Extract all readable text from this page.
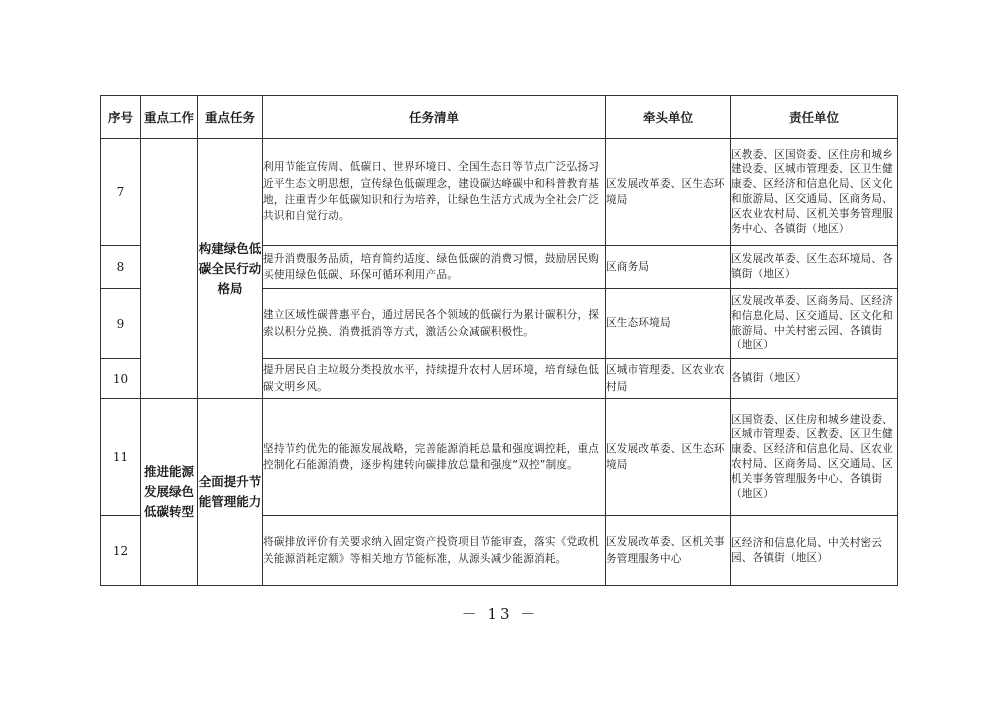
序号	重点工作	重点任务	任务清单	牵头单位	责任单位
7		构建绿色低碳全民行动格局	利用节能宣传周、低碳日、世界环境日、全国生态日等节点广泛弘扬习近平生态文明思想，宣传绿色低碳理念，建设碳达峰碳中和科普教育基地，注重青少年低碳知识和行为培养，让绿色生活方式成为全社会广泛共识和自觉行动。	区发展改革委、区生态环境局	区教委、区国资委、区住房和城乡建设委、区城市管理委、区卫生健康委、区经济和信息化局、区文化和旅游局、区交通局、区商务局、区农业农村局、区机关事务管理服务中心、各镇街（地区）
8			提升消费服务品质，培育简约适度、绿色低碳的消费习惯，鼓励居民购买使用绿色低碳、环保可循环利用产品。	区商务局	区发展改革委、区生态环境局、各镇街（地区）
9			建立区域性碳普惠平台，通过居民各个领域的低碳行为累计碳积分，探索以积分兑换、消费抵消等方式，激活公众减碳积极性。	区生态环境局	区发展改革委、区商务局、区经济和信息化局、区交通局、区文化和旅游局、中关村密云园、各镇街（地区）
10			提升居民自主垃圾分类投放水平，持续提升农村人居环境，培育绿色低碳文明乡风。	区城市管理委、区农业农村局	各镇街（地区）
11	推进能源发展绿色低碳转型	全面提升节能管理能力	坚持节约优先的能源发展战略，完善能源消耗总量和强度调控耗，重点控制化石能源消费，逐步构建转向碳排放总量和强度“双控”制度。	区发展改革委、区生态环境局	区国资委、区住房和城乡建设委、区城市管理委、区教委、区卫生健康委、区经济和信息化局、区农业农村局、区商务局、区交通局、区机关事务管理服务中心、各镇街（地区）
12			将碳排放评价有关要求纳入固定资产投资项目节能审查，落实《党政机关能源消耗定额》等相关地方节能标准，从源头减少能源消耗。	区发展改革委、区机关事务管理服务中心	区经济和信息化局、中关村密云园、各镇街（地区）
－ 13 －
